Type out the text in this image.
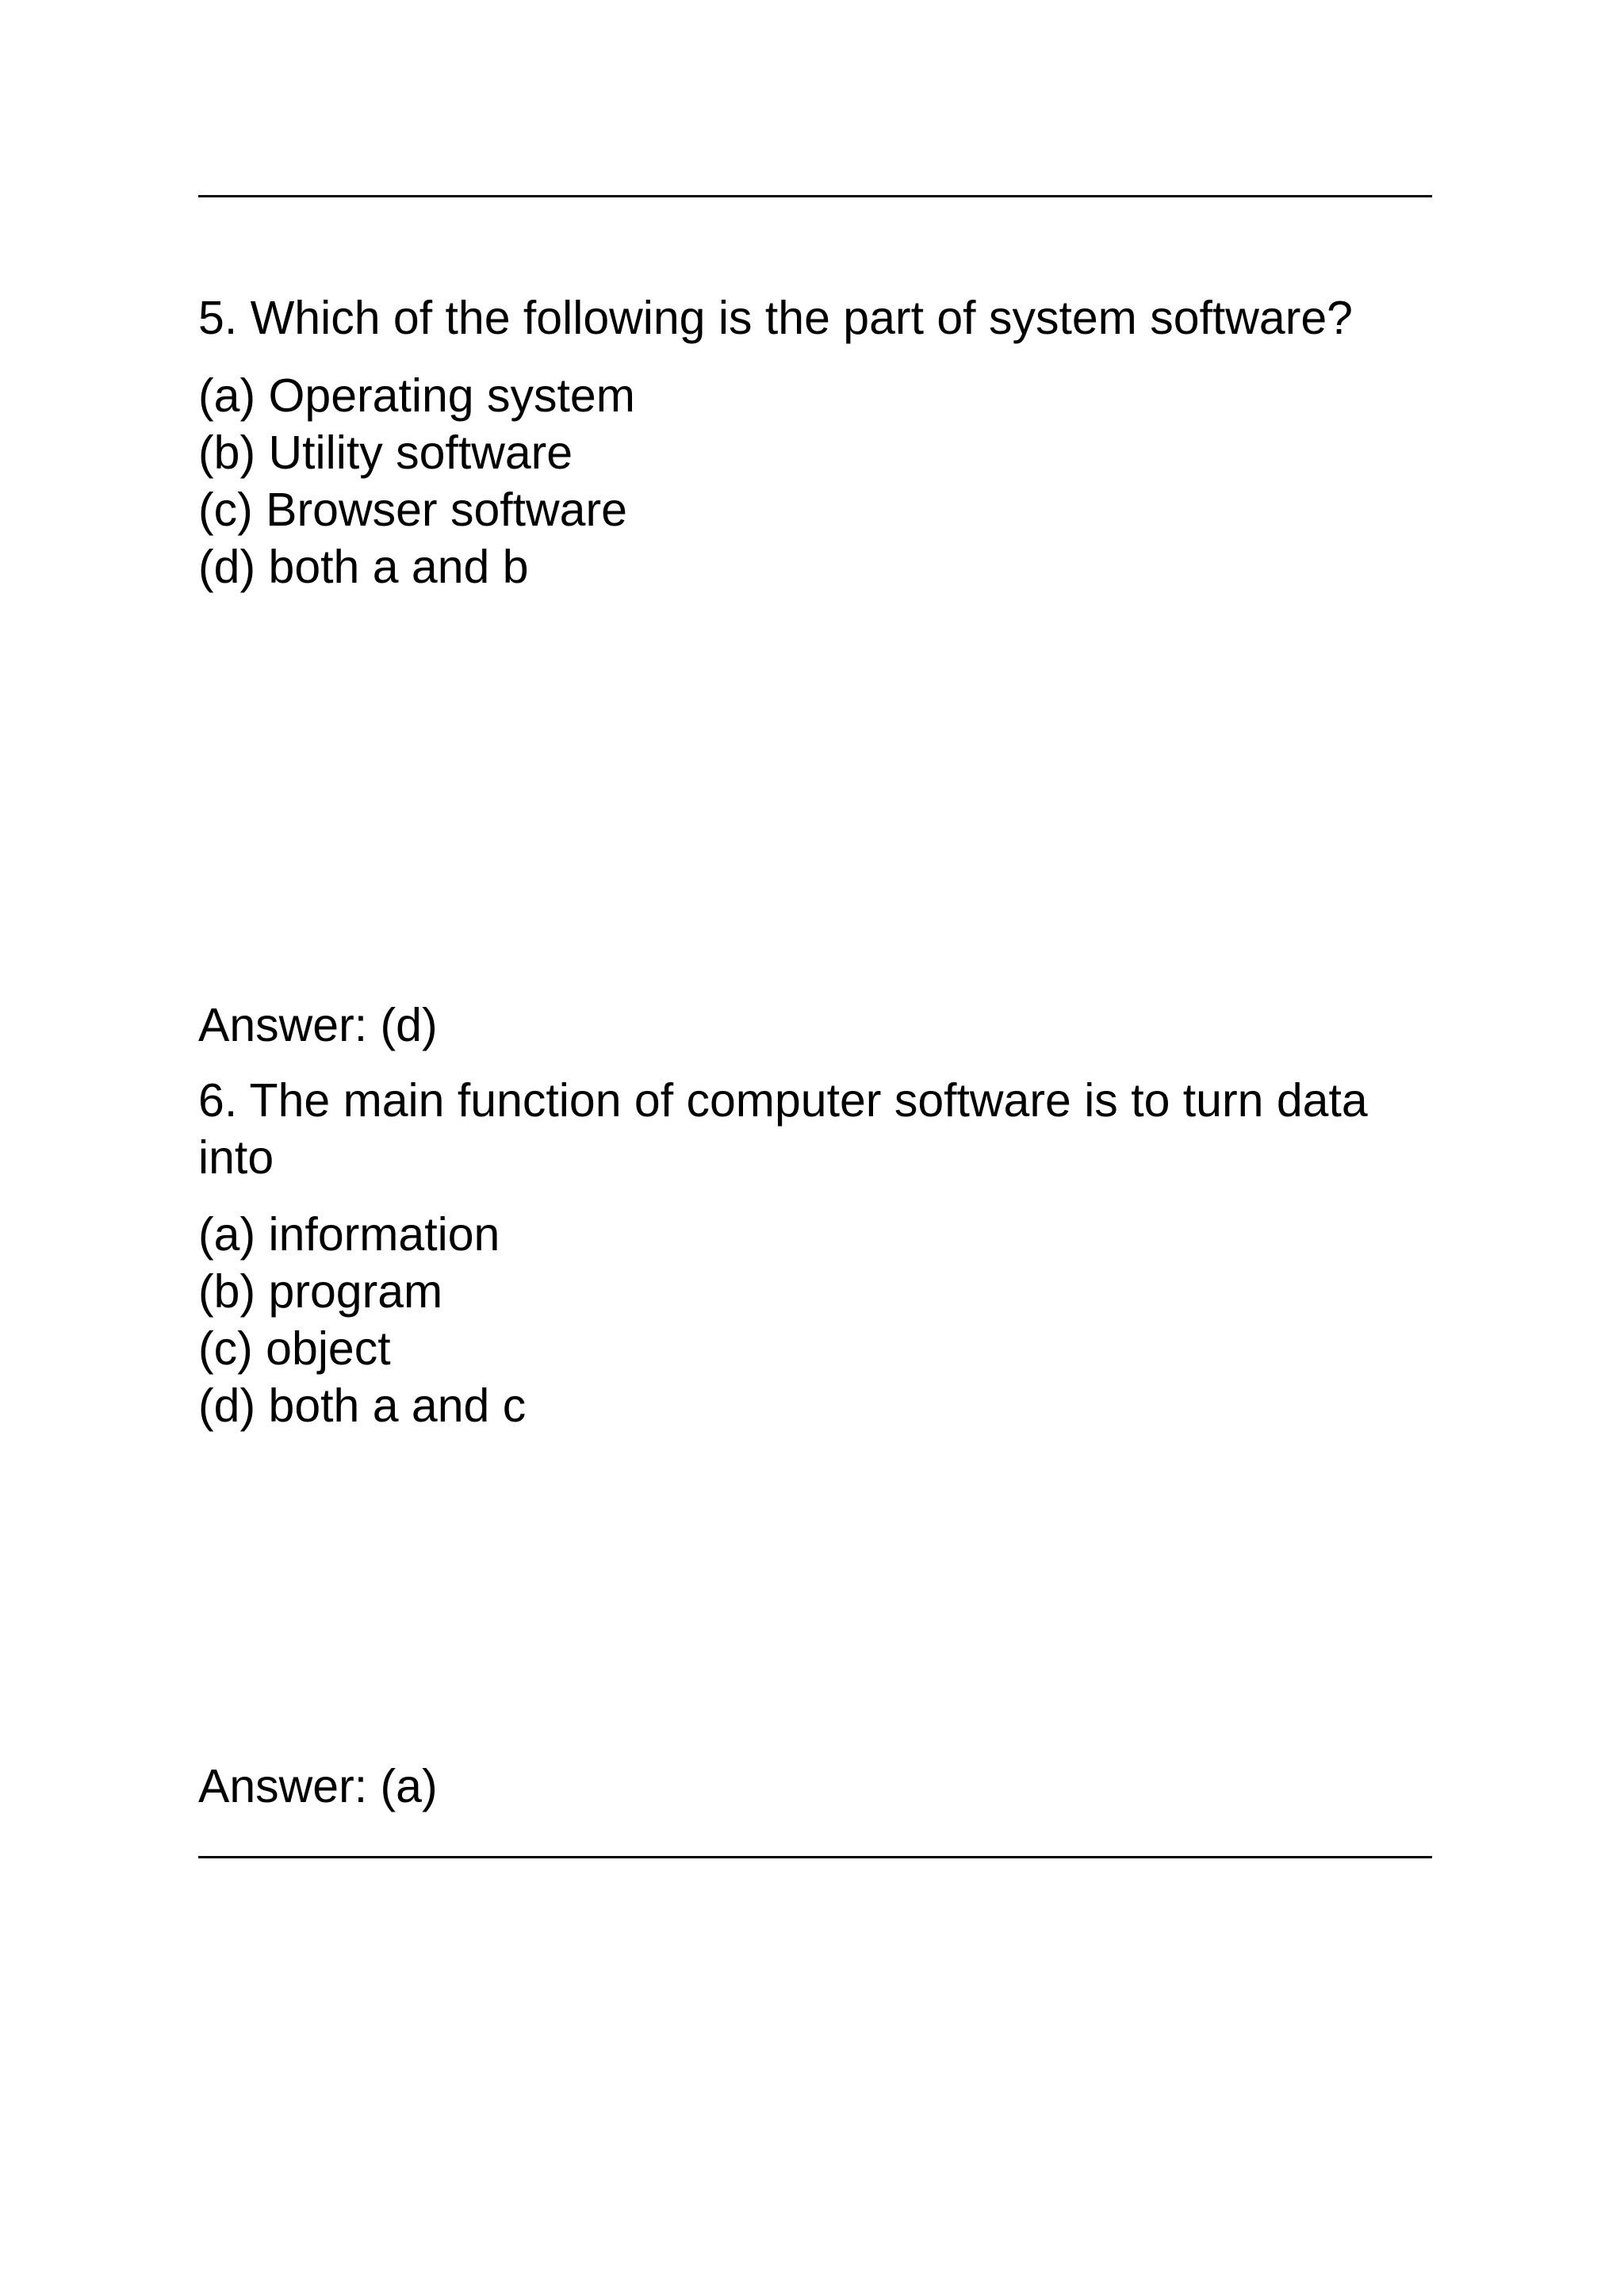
5. Which of the following is the part of system software?
(a) Operating system
(b) Utility software
(c) Browser software
(d) both a and b
Answer: (d)
6. The main function of computer software is to turn data into
(a) information
(b) program
(c) object
(d) both a and c
Answer: (a)
